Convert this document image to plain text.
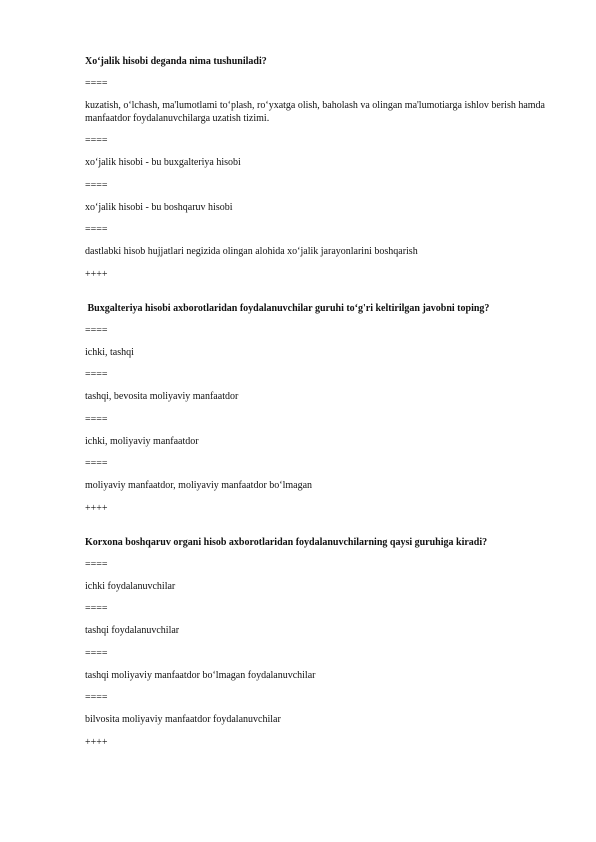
Xo‘jalik hisobi deganda nima tushuniladi?

====

kuzatish, o‘lchash, ma'lumotlami to‘plash, ro‘yxatga olish, baholash va olingan ma'lumotiarga ishlov berish hamda manfaatdor foydalanuvchilarga uzatish tizimi.

====

xo‘jalik hisobi - bu buxgalteriya hisobi

====

xo‘jalik hisobi - bu boshqaruv hisobi

====

dastlabki hisob hujjatlari negizida olingan alohida xo‘jalik jarayonlarini boshqarish

++++

Buxgalteriya hisobi axborotlaridan foydalanuvchilar guruhi to‘g'ri keltirilgan javobni toping?

====

ichki, tashqi

====

tashqi, bevosita moliyaviy manfaatdor

====

ichki, moliyaviy manfaatdor

====

moliyaviy manfaatdor, moliyaviy manfaatdor bo‘lmagan

++++

Korxona boshqaruv organi hisob axborotlaridan foydalanuvchilarning qaysi guruhiga kiradi?

====

ichki foydalanuvchilar

====

tashqi foydalanuvchilar

====

tashqi moliyaviy manfaatdor bo‘lmagan foydalanuvchilar

====

bilvosita moliyaviy manfaatdor foydalanuvchilar

++++
